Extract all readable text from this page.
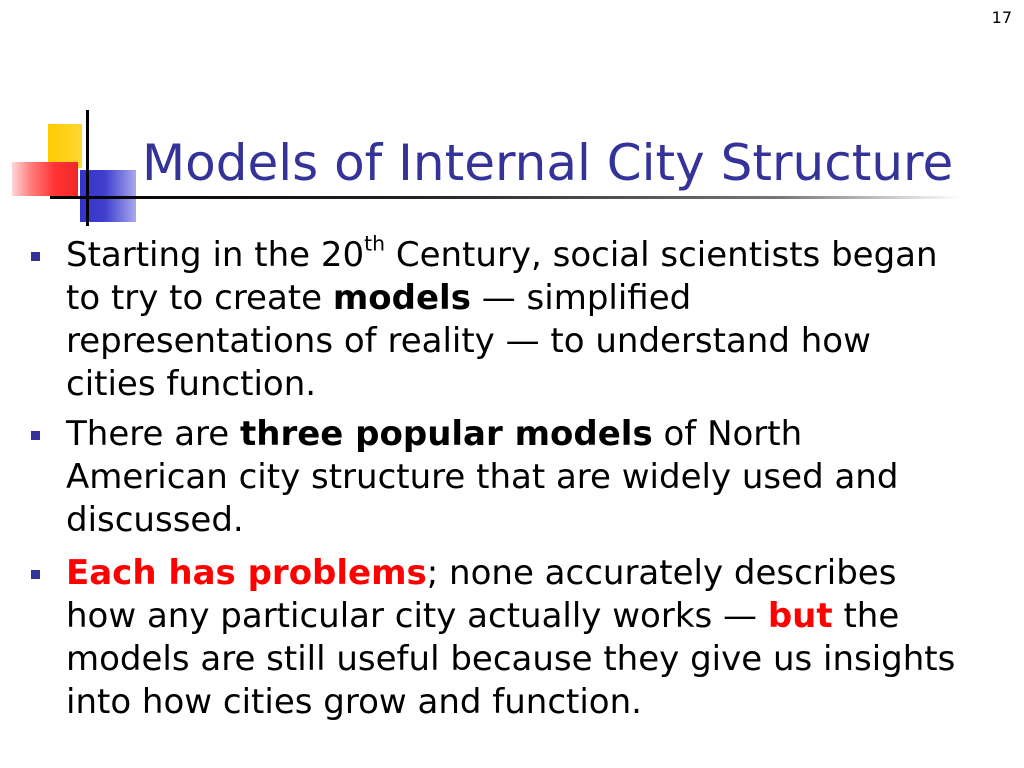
17
Models of Internal City Structure
Starting in the 20th Century, social scientists began
to try to create models — simplified
representations of reality — to understand how
cities function.
There are three popular models of North
American city structure that are widely used and
discussed.
Each has problems; none accurately describes
how any particular city actually works — but the
models are still useful because they give us insights
into how cities grow and function.
